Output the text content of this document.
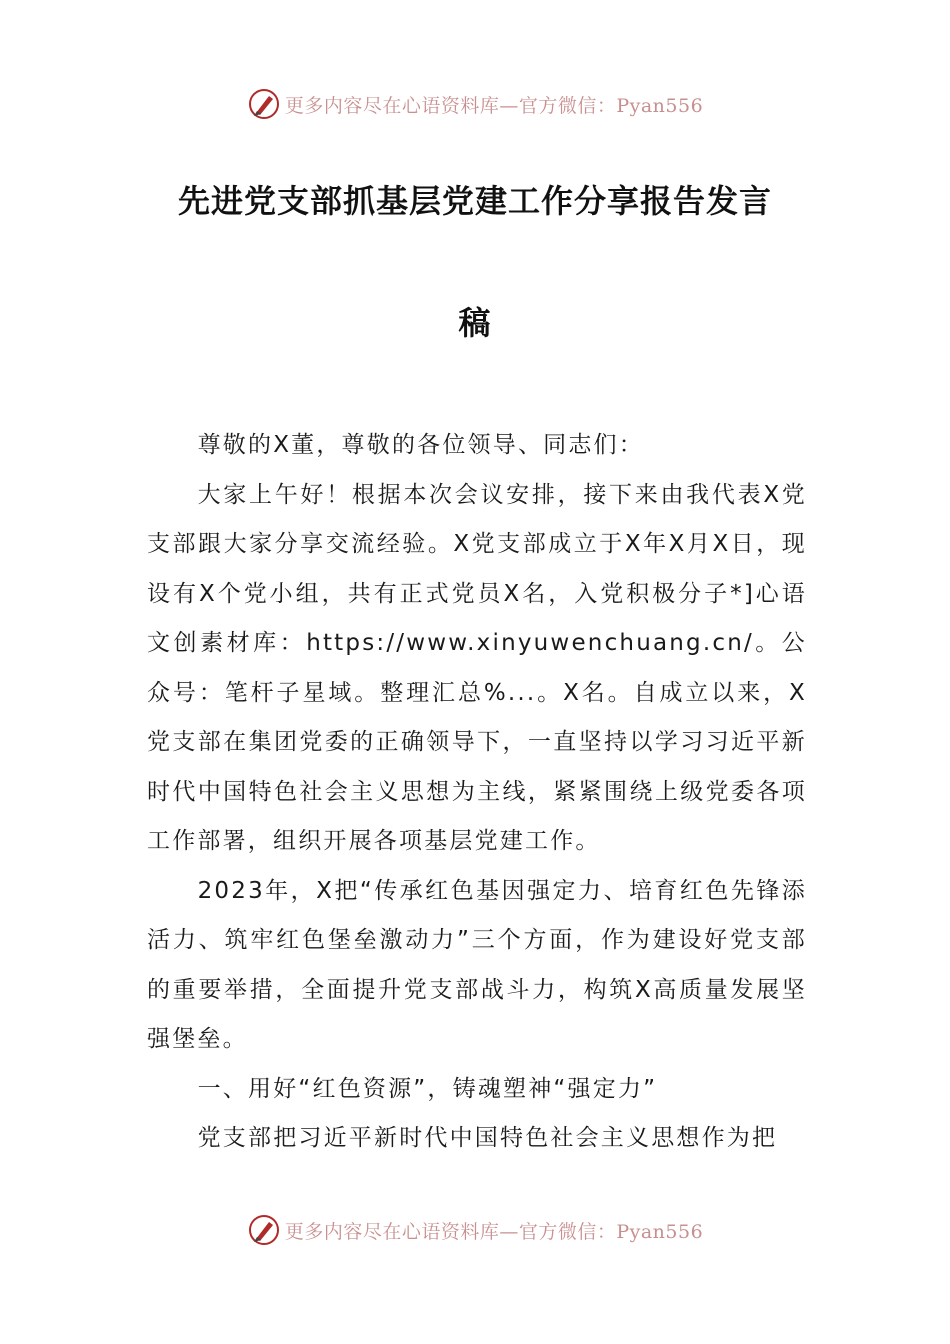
更多内容尽在心语资料库—官方微信：Pyan556
先进党支部抓基层党建工作分享报告发言
稿

尊敬的X董，尊敬的各位领导、同志们：

大家上午好！根据本次会议安排，接下来由我代表X党支部跟大家分享交流经验。X党支部成立于X年X月X日，现设有X个党小组，共有正式党员X名，入党积极分子*]心语文创素材库：https://www.xinyuwenchuang.cn/。公众号：笔杆子星域。整理汇总%...。X名。自成立以来，X党支部在集团党委的正确领导下，一直坚持以学习习近平新时代中国特色社会主义思想为主线，紧紧围绕上级党委各项工作部署，组织开展各项基层党建工作。

2023年，X把“传承红色基因强定力、培育红色先锋添活力、筑牢红色堡垒激动力”三个方面，作为建设好党支部的重要举措，全面提升党支部战斗力，构筑X高质量发展坚强堡垒。

一、用好“红色资源”，铸魂塑神“强定力”

党支部把习近平新时代中国特色社会主义思想作为把

更多内容尽在心语资料库—官方微信：Pyan556
